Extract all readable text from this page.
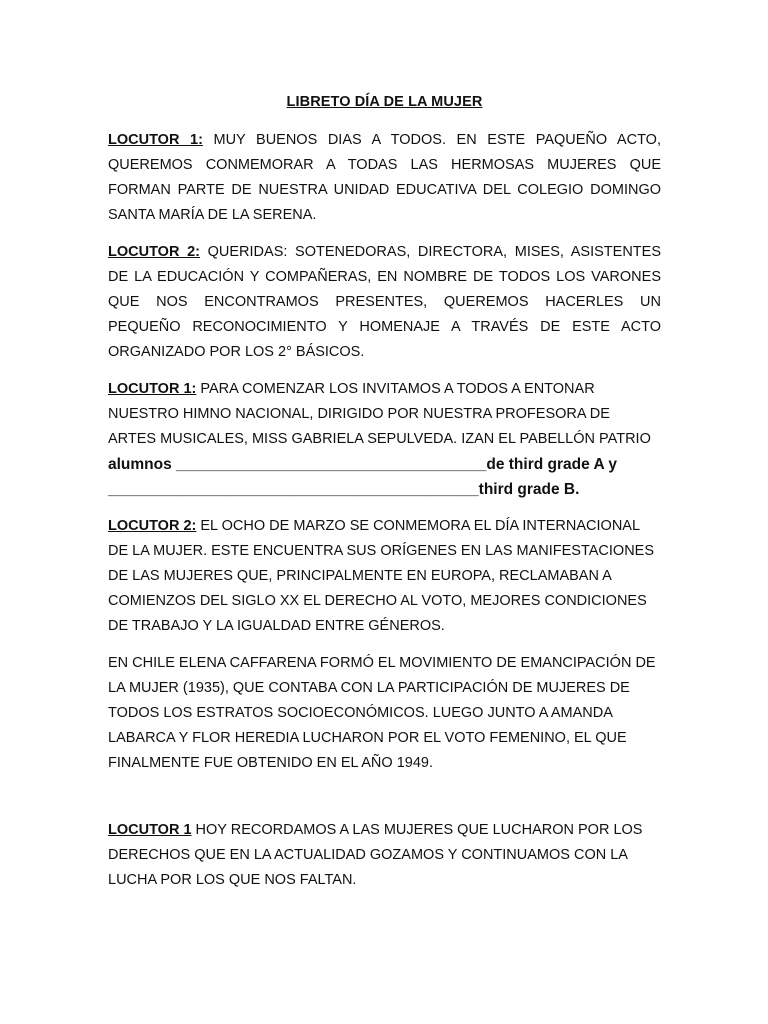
LIBRETO DÍA DE LA MUJER

LOCUTOR 1: MUY BUENOS DIAS A TODOS. EN ESTE PAQUEÑO ACTO, QUEREMOS CONMEMORAR A TODAS LAS HERMOSAS MUJERES QUE FORMAN PARTE DE NUESTRA UNIDAD EDUCATIVA DEL COLEGIO DOMINGO SANTA MARÍA DE LA SERENA.

LOCUTOR 2: QUERIDAS: SOTENEDORAS, DIRECTORA, MISES, ASISTENTES DE LA EDUCACIÓN Y COMPAÑERAS, EN NOMBRE DE TODOS LOS VARONES QUE NOS ENCONTRAMOS PRESENTES, QUEREMOS HACERLES UN PEQUEÑO RECONOCIMIENTO Y HOMENAJE A TRAVÉS DE ESTE ACTO ORGANIZADO POR LOS 2° BÁSICOS.

LOCUTOR 1: PARA COMENZAR LOS INVITAMOS A TODOS A ENTONAR NUESTRO HIMNO NACIONAL, DIRIGIDO POR NUESTRA PROFESORA DE ARTES MUSICALES, MISS GABRIELA SEPULVEDA. IZAN EL PABELLÓN PATRIO
alumnos ____________________________________de third grade A y
___________________________________________third grade B.

LOCUTOR 2: EL OCHO DE MARZO SE CONMEMORA EL DÍA INTERNACIONAL DE LA MUJER. ESTE ENCUENTRA SUS ORÍGENES EN LAS MANIFESTACIONES DE LAS MUJERES QUE, PRINCIPALMENTE EN EUROPA, RECLAMABAN A COMIENZOS DEL SIGLO XX EL DERECHO AL VOTO, MEJORES CONDICIONES DE TRABAJO Y LA IGUALDAD ENTRE GÉNEROS.

EN CHILE ELENA CAFFARENA FORMÓ EL MOVIMIENTO DE EMANCIPACIÓN DE LA MUJER (1935), QUE CONTABA CON LA PARTICIPACIÓN DE MUJERES DE TODOS LOS ESTRATOS SOCIOECONÓMICOS. LUEGO JUNTO A AMANDA LABARCA Y FLOR HEREDIA LUCHARON POR EL VOTO FEMENINO, EL QUE FINALMENTE FUE OBTENIDO EN EL AÑO 1949.

LOCUTOR 1 HOY RECORDAMOS A LAS MUJERES QUE LUCHARON POR LOS DERECHOS QUE EN LA ACTUALIDAD GOZAMOS Y CONTINUAMOS CON LA LUCHA POR LOS QUE NOS FALTAN.
